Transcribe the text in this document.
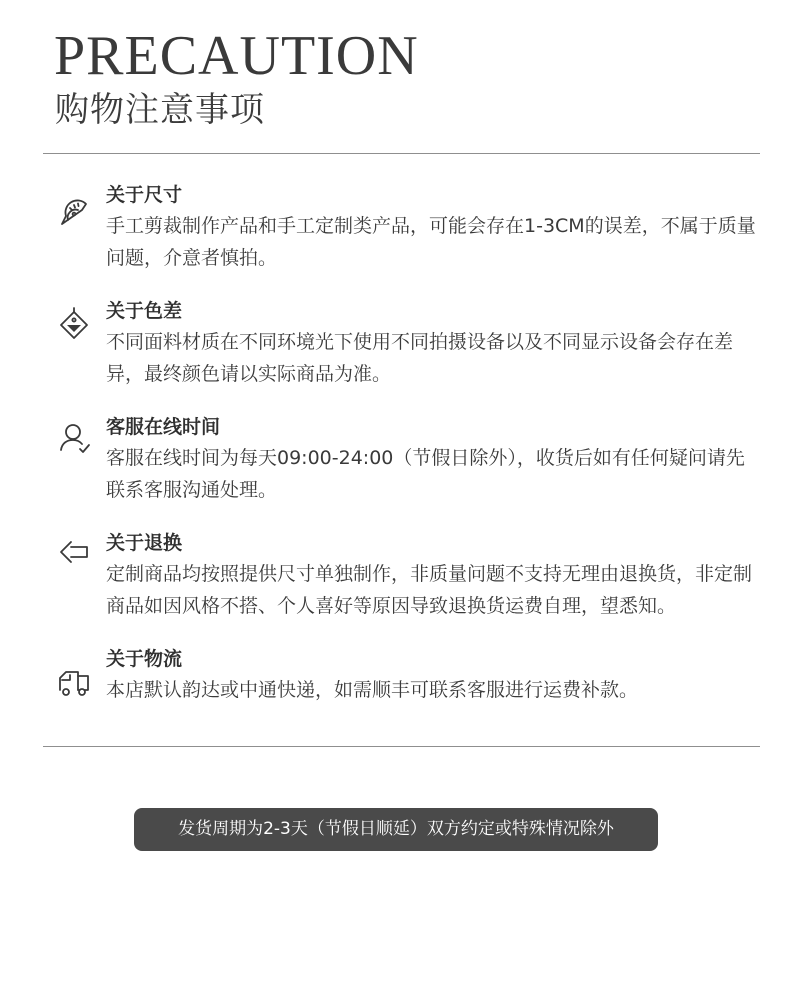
PRECAUTION
购物注意事项
关于尺寸
手工剪裁制作产品和手工定制类产品，可能会存在1-3CM的误差，不属于质量问题，介意者慎拍。
关于色差
不同面料材质在不同环境光下使用不同拍摄设备以及不同显示设备会存在差异，最终颜色请以实际商品为准。
客服在线时间
客服在线时间为每天09:00-24:00（节假日除外），收货后如有任何疑问请先联系客服沟通处理。
关于退换
定制商品均按照提供尺寸单独制作，非质量问题不支持无理由退换货，非定制商品如因风格不搭、个人喜好等原因导致退换货运费自理，望悉知。
关于物流
本店默认韵达或中通快递，如需顺丰可联系客服进行运费补款。
发货周期为2-3天（节假日顺延）双方约定或特殊情况除外
